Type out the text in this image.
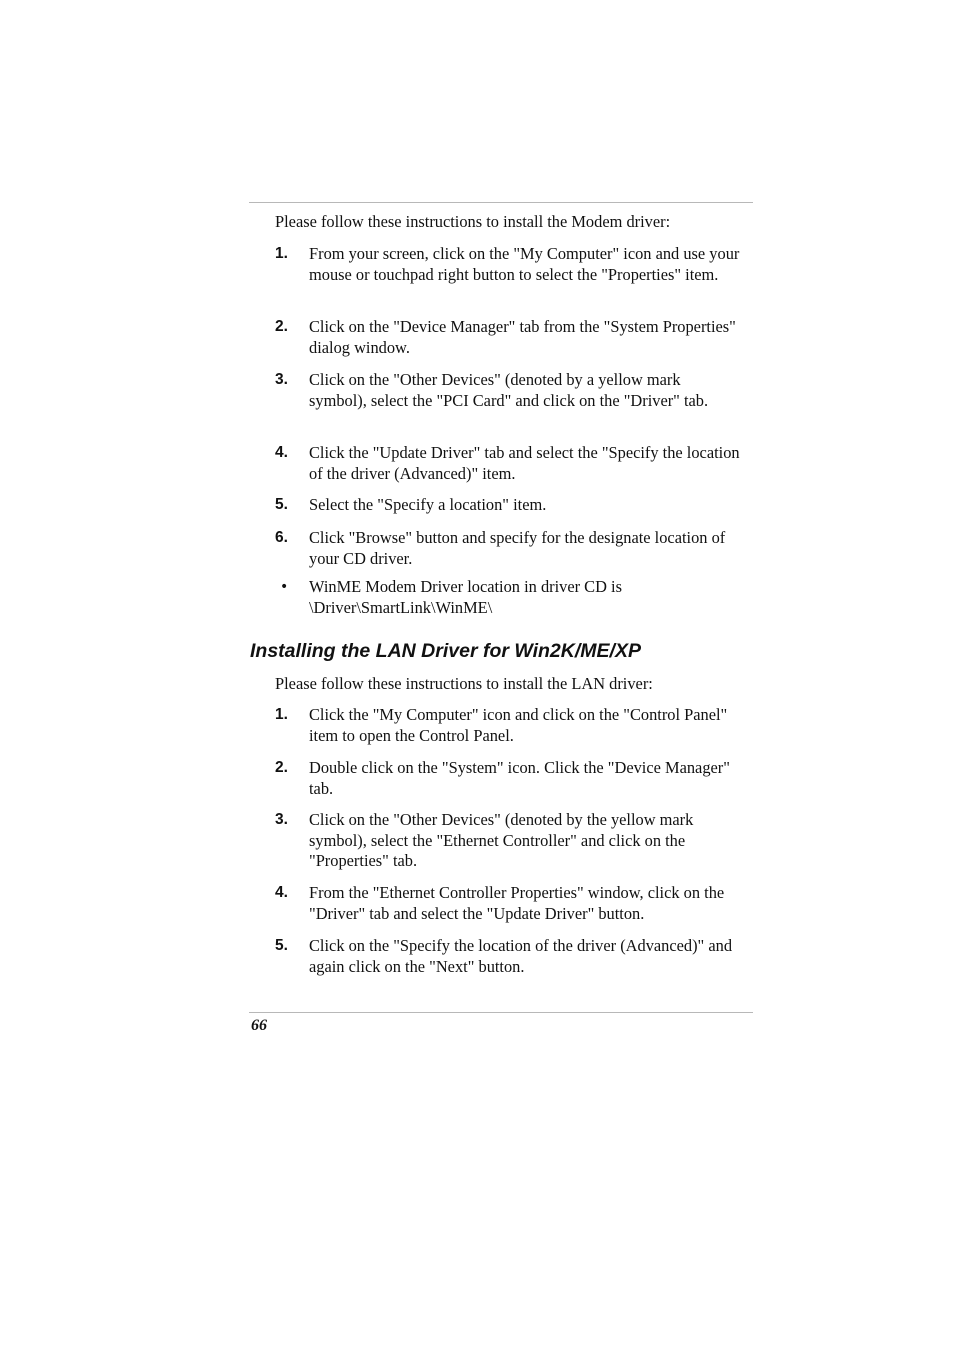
Please follow these instructions to install the Modem driver:

1. From your screen, click on the "My Computer" icon and use your mouse or touchpad right button to select the "Properties" item.

2. Click on the "Device Manager" tab from the "System Properties" dialog window.

3. Click on the "Other Devices" (denoted by a yellow mark symbol), select the "PCI Card" and click on the "Driver" tab.

4. Click the "Update Driver" tab and select the "Specify the location of the driver (Advanced)" item.

5. Select the "Specify a location" item.

6. Click "Browse" button and specify for the designate location of your CD driver.

• WinME Modem Driver location in driver CD is \Driver\SmartLink\WinME\

Installing the LAN Driver for Win2K/ME/XP

Please follow these instructions to install the LAN driver:

1. Click the "My Computer" icon and click on the "Control Panel" item to open the Control Panel.

2. Double click on the "System" icon. Click the "Device Manager" tab.

3. Click on the "Other Devices" (denoted by the yellow mark symbol), select the "Ethernet Controller" and click on the "Properties" tab.

4. From the "Ethernet Controller Properties" window, click on the "Driver" tab and select the "Update Driver" button.

5. Click on the "Specify the location of the driver (Advanced)" and again click on the "Next" button.

66
